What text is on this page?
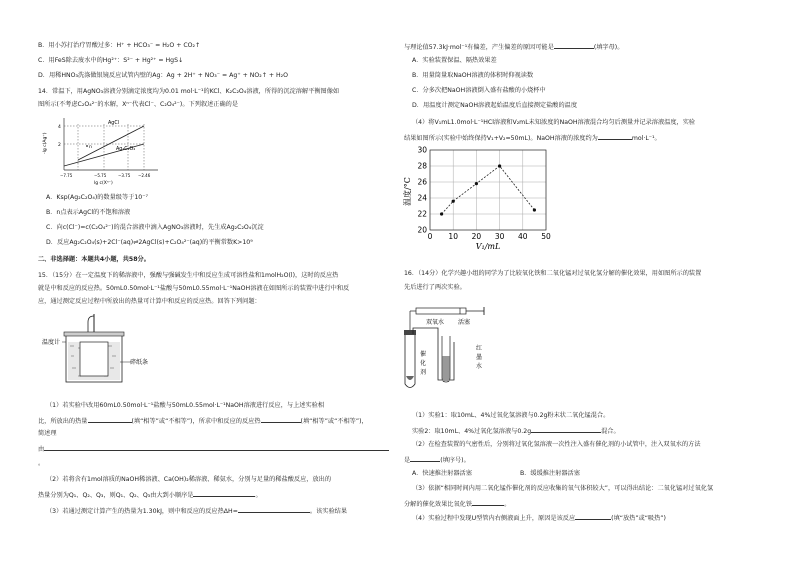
B．用小苏打治疗胃酸过多：H⁺ + HCO₃⁻ = H₂O + CO₂↑
C．用FeS除去废水中的Hg²⁺：S²⁻ + Hg²⁺ = HgS↓
D．用稀HNO₃洗涤做银镜反应试管内壁的Ag：Ag + 2H⁺ + NO₃⁻ = Ag⁺ + NO₂↑ + H₂O
14．常温下，用AgNO₃溶液分别滴定浓度均为0.01 mol·L⁻¹的KCl、K₂C₂O₄溶液，所得的沉淀溶解平衡图像如
图所示(不考虑C₂O₄²⁻的水解，Xⁿ⁻代表Cl⁻、C₂O₄²⁻)。下列叙述正确的是
-lg c(Ag⁺)
4
2
AgCl
Ag₂C₂O₄
n
−7.75	−5.75	−3.75 −2.46
lg c(Xⁿ⁻)
A．Ksp(Ag₂C₂O₄)的数量级等于10⁻⁷
B．n点表示AgCl的不饱和溶液
C．向c(Cl⁻)=c(C₂O₄²⁻)的混合溶液中滴入AgNO₃溶液时，先生成Ag₂C₂O₄沉淀
D．反应Ag₂C₂O₄(s)+2Cl⁻(aq)⇌2AgCl(s)+C₂O₄²⁻(aq)的平衡常数K>10⁹
二、非选择题：本题共4小题，共58分。
15．（15分）在一定温度下的稀溶液中，强酸与强碱发生中和反应生成可溶性盐和1molH₂O(l)，这时的反应热
就是中和反应的反应热。50mL0.50mol·L⁻¹盐酸与50mL0.55mol·L⁻¹NaOH溶液在如图所示的装置中进行中和反
应，通过测定反应过程中所放出的热量可计算中和反应的反应热。回答下列问题：
温度计
碎纸条
（1）若实验中改用60mL0.50mol·L⁻¹盐酸与50mL0.55mol·L⁻¹NaOH溶液进行反应，与上述实验相
比，所放出的热量	(填“相等”或“不相等”)，所求中和反应的反应热	(填“相等”或“不相等”)，
简述理
由
。
（2）若将含有1mol溶质的NaOH稀溶液、Ca(OH)₂稀溶液、稀氨水，分别与足量的稀盐酸反应，放出的
热量分别为Q₁、Q₂、Q₃，则Q₁、Q₂、Q₃由大到小顺序是	。
（3）若通过测定计算产生的热量为1.30kJ，则中和反应的反应热ΔH=	。该实验结果
与理论值57.3kJ·mol⁻¹有偏差，产生偏差的原因可能是	(填字母)。
A．实验装置保温、隔热效果差
B．用量筒量取NaOH溶液的体积时仰视读数
C．分多次把NaOH溶液倒入盛有盐酸的小烧杯中
D．用温度计测定NaOH溶液起始温度后直接测定盐酸的温度
（4）将V₁mL1.0mol·L⁻¹HCl溶液和V₂mL未知浓度的NaOH溶液混合均匀后测量并记录溶液温度，实验
结果如图所示(实验中始终保持V₁+V₂=50mL)。NaOH溶液的浓度约为	mol·L⁻¹。
0 10 20 30 40 50
20
22
24
26
28
30
温度/°C
V₁/mL
16．（14分）化学兴趣小组的同学为了比较氧化铁和二氧化锰对过氧化氢分解的催化效果，用如图所示的装置
先后进行了两次实验。
双氧水 活塞
催
化
剂
红
墨
水
（1）实验1：取10mL、4%过氧化氢溶液与0.2g粉末状二氧化锰混合。
实验2：取10mL、4%过氧化氢溶液与0.2g	混合。
（2）在检查装置的气密性后，分别将过氧化氢溶液一次性注入盛有催化剂的小试管中，注入双氧水的方法
是	(填序号)。
A．快速推注射器活塞	B．缓缓推注射器活塞
（3）依据“相同时间内用二氧化锰作催化剂的反应收集的氧气体积较大”，可以得出结论：二氧化锰对过氧化氢
分解的催化效果比氧化铁	。
（4）实验过程中发现U型管内右侧液面上升，原因是该反应	(填“放热”或“吸热”)
